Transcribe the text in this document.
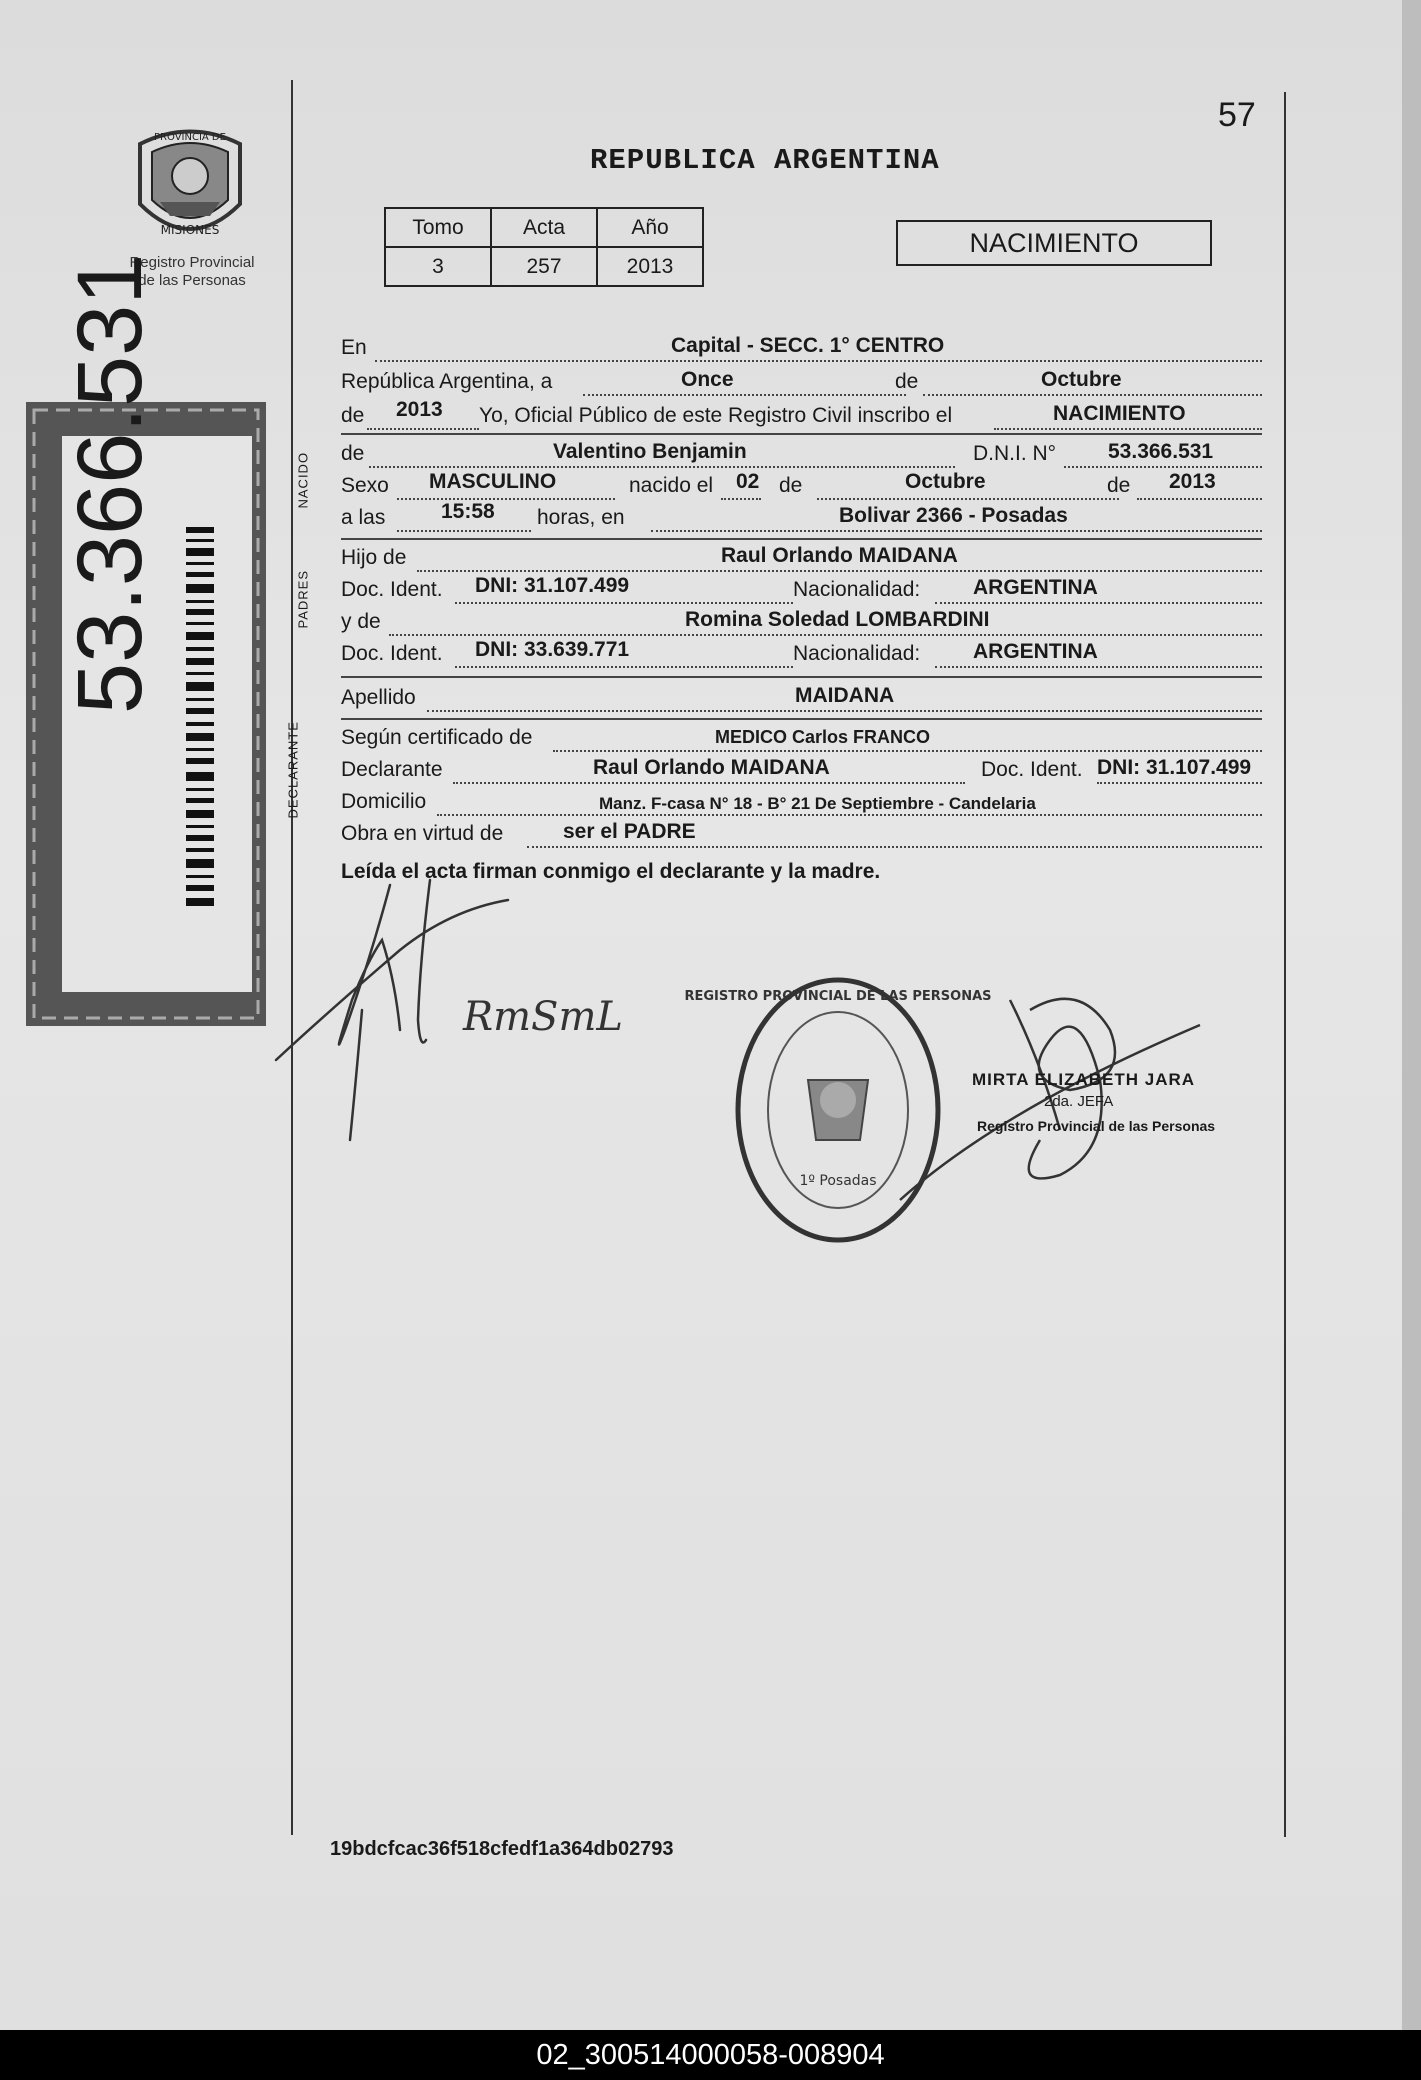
PROVINCIA DE
MISIONES
Registro Provincial
de las Personas
53.366.531
57
REPUBLICA ARGENTINA
Tomo	Acta	Año
3	257	2013
NACIMIENTO
NACIDO
PADRES
DECLARANTE
En	Capital - SECC. 1° CENTRO
República Argentina, a	Once	de	Octubre
de 2013 Yo, Oficial Público de este Registro Civil inscribo el	NACIMIENTO
de	Valentino Benjamin	D.N.I. N° 53.366.531
Sexo MASCULINO	nacido el 02 de	Octubre	de 2013
a las	15:58 horas, en	Bolivar 2366 - Posadas
Hijo de	Raul Orlando MAIDANA
Doc. Ident. DNI: 31.107.499	Nacionalidad:	ARGENTINA
y de	Romina Soledad LOMBARDINI
Doc. Ident. DNI: 33.639.771	Nacionalidad:	ARGENTINA
Apellido	MAIDANA
Según certificado de	MEDICO Carlos FRANCO
Declarante	Raul Orlando MAIDANA	Doc. Ident. DNI: 31.107.499
Domicilio	Manz. F-casa N° 18 - B° 21 De Septiembre - Candelaria
Obra en virtud de	ser el PADRE
Leída el acta firman conmigo el declarante y la madre.
RmSmL
1º Posadas
REGISTRO PROVINCIAL DE LAS PERSONAS
MIRTA ELIZABETH JARA
2da. JEFA
Registro Provincial de las Personas
19bdcfcac36f518cfedf1a364db02793
02_300514000058-008904
